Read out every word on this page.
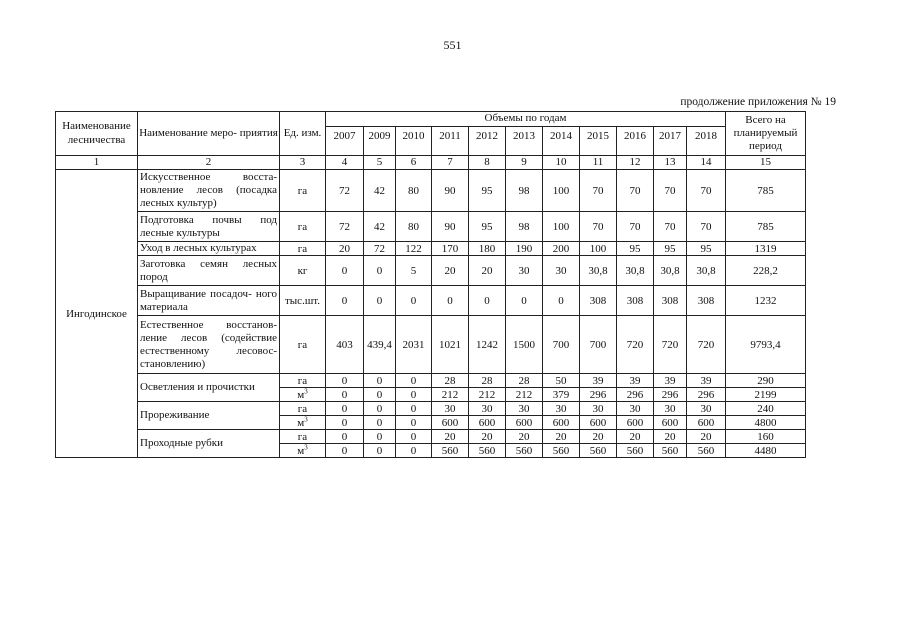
551
продолжение приложения № 19
Наименование лесничества	Наименование меро- приятия	Ед. изм.	Объемы по годам											Всего на планируемый период
			2007	2009	2010	2011	2012	2013	2014	2015	2016	2017	2018	
1	2	3	4	5	6	7	8	9	10	11	12	13	14	15
Ингодинское	Искусственное восста- новление лесов (посадка лесных культур)	га	72	42	80	90	95	98	100	70	70	70	70	785
	Подготовка почвы под лесные культуры	га	72	42	80	90	95	98	100	70	70	70	70	785
	Уход в лесных культурах	га	20	72	122	170	180	190	200	100	95	95	95	1319
	Заготовка семян лесных пород	кг	0	0	5	20	20	30	30	30,8	30,8	30,8	30,8	228,2
	Выращивание посадоч- ного материала	тыс.шт.	0	0	0	0	0	0	0	308	308	308	308	1232
	Естественное восстанов- ление лесов (содействие естественному лесовос- становлению)	га	403	439,4	2031	1021	1242	1500	700	700	720	720	720	9793,4
	Осветления и прочистки	га	0	0	0	28	28	28	50	39	39	39	39	290
		$м^3$	0	0	0	212	212	212	379	296	296	296	296	2199
	Прореживание	га	0	0	0	30	30	30	30	30	30	30	30	240
		$м^3$	0	0	0	600	600	600	600	600	600	600	600	4800
	Проходные рубки	га	0	0	0	20	20	20	20	20	20	20	20	160
		$м^3$	0	0	0	560	560	560	560	560	560	560	560	4480
